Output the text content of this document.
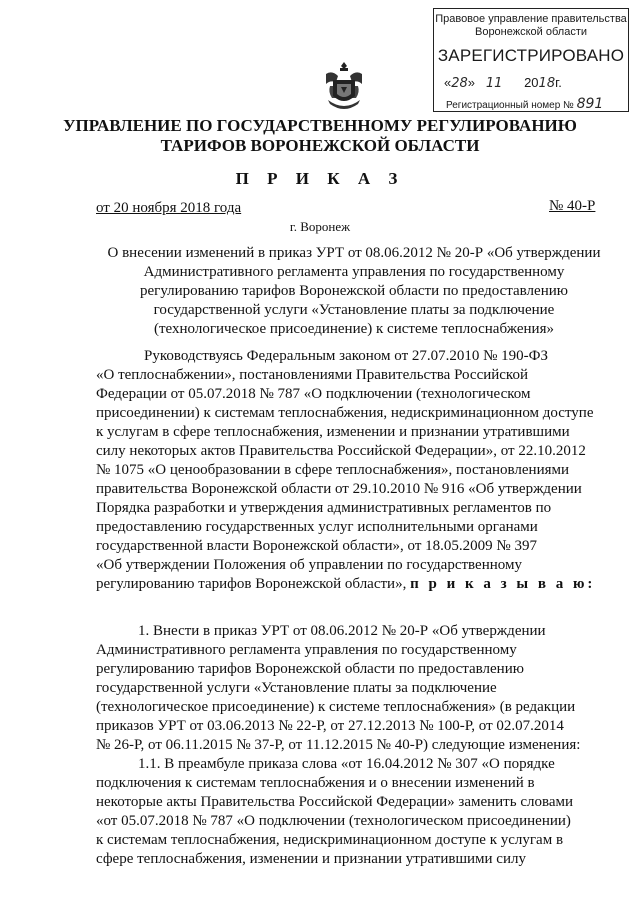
Правовое управление правительства
Воронежской области
ЗАРЕГИСТРИРОВАНО
«28»   11 2018г.
Регистрационный номер № 891
УПРАВЛЕНИЕ ПО ГОСУДАРСТВЕННОМУ РЕГУЛИРОВАНИЮ
ТАРИФОВ ВОРОНЕЖСКОЙ ОБЛАСТИ
П Р И К А З
от 20 ноября 2018 года	№ 40-Р
г. Воронеж
О внесении изменений в приказ УРТ от 08.06.2012 № 20-Р «Об утверждении
Административного регламента управления по государственному
регулированию тарифов Воронежской области по предоставлению
государственной услуги «Установление платы за подключение
(технологическое присоединение) к системе теплоснабжения»
Руководствуясь Федеральным законом от 27.07.2010 № 190-ФЗ
«О теплоснабжении», постановлениями Правительства Российской
Федерации от 05.07.2018 № 787 «О подключении (технологическом
присоединении) к системам теплоснабжения, недискриминационном доступе
к услугам в сфере теплоснабжения, изменении и признании утратившими
силу некоторых актов Правительства Российской Федерации», от 22.10.2012
№ 1075 «О ценообразовании в сфере теплоснабжения», постановлениями
правительства Воронежской области от 29.10.2010 № 916 «Об утверждении
Порядка разработки и утверждения административных регламентов по
предоставлению государственных услуг исполнительными органами
государственной власти Воронежской области», от 18.05.2009 № 397
«Об утверждении Положения об управлении по государственному
регулированию тарифов Воронежской области», п р и к а з ы в а ю:
1. Внести в приказ УРТ от 08.06.2012 № 20-Р «Об утверждении
Административного регламента управления по государственному
регулированию тарифов Воронежской области по предоставлению
государственной услуги «Установление платы за подключение
(технологическое присоединение) к системе теплоснабжения» (в редакции
приказов УРТ от 03.06.2013 № 22-Р, от 27.12.2013 № 100-Р, от 02.07.2014
№ 26-Р, от 06.11.2015 № 37-Р, от 11.12.2015 № 40-Р) следующие изменения:
1.1. В преамбуле приказа слова «от 16.04.2012 № 307 «О порядке
подключения к системам теплоснабжения и о внесении изменений в
некоторые акты Правительства Российской Федерации» заменить словами
«от 05.07.2018 № 787 «О подключении (технологическом присоединении)
к системам теплоснабжения, недискриминационном доступе к услугам в
сфере теплоснабжения, изменении и признании утратившими силу
